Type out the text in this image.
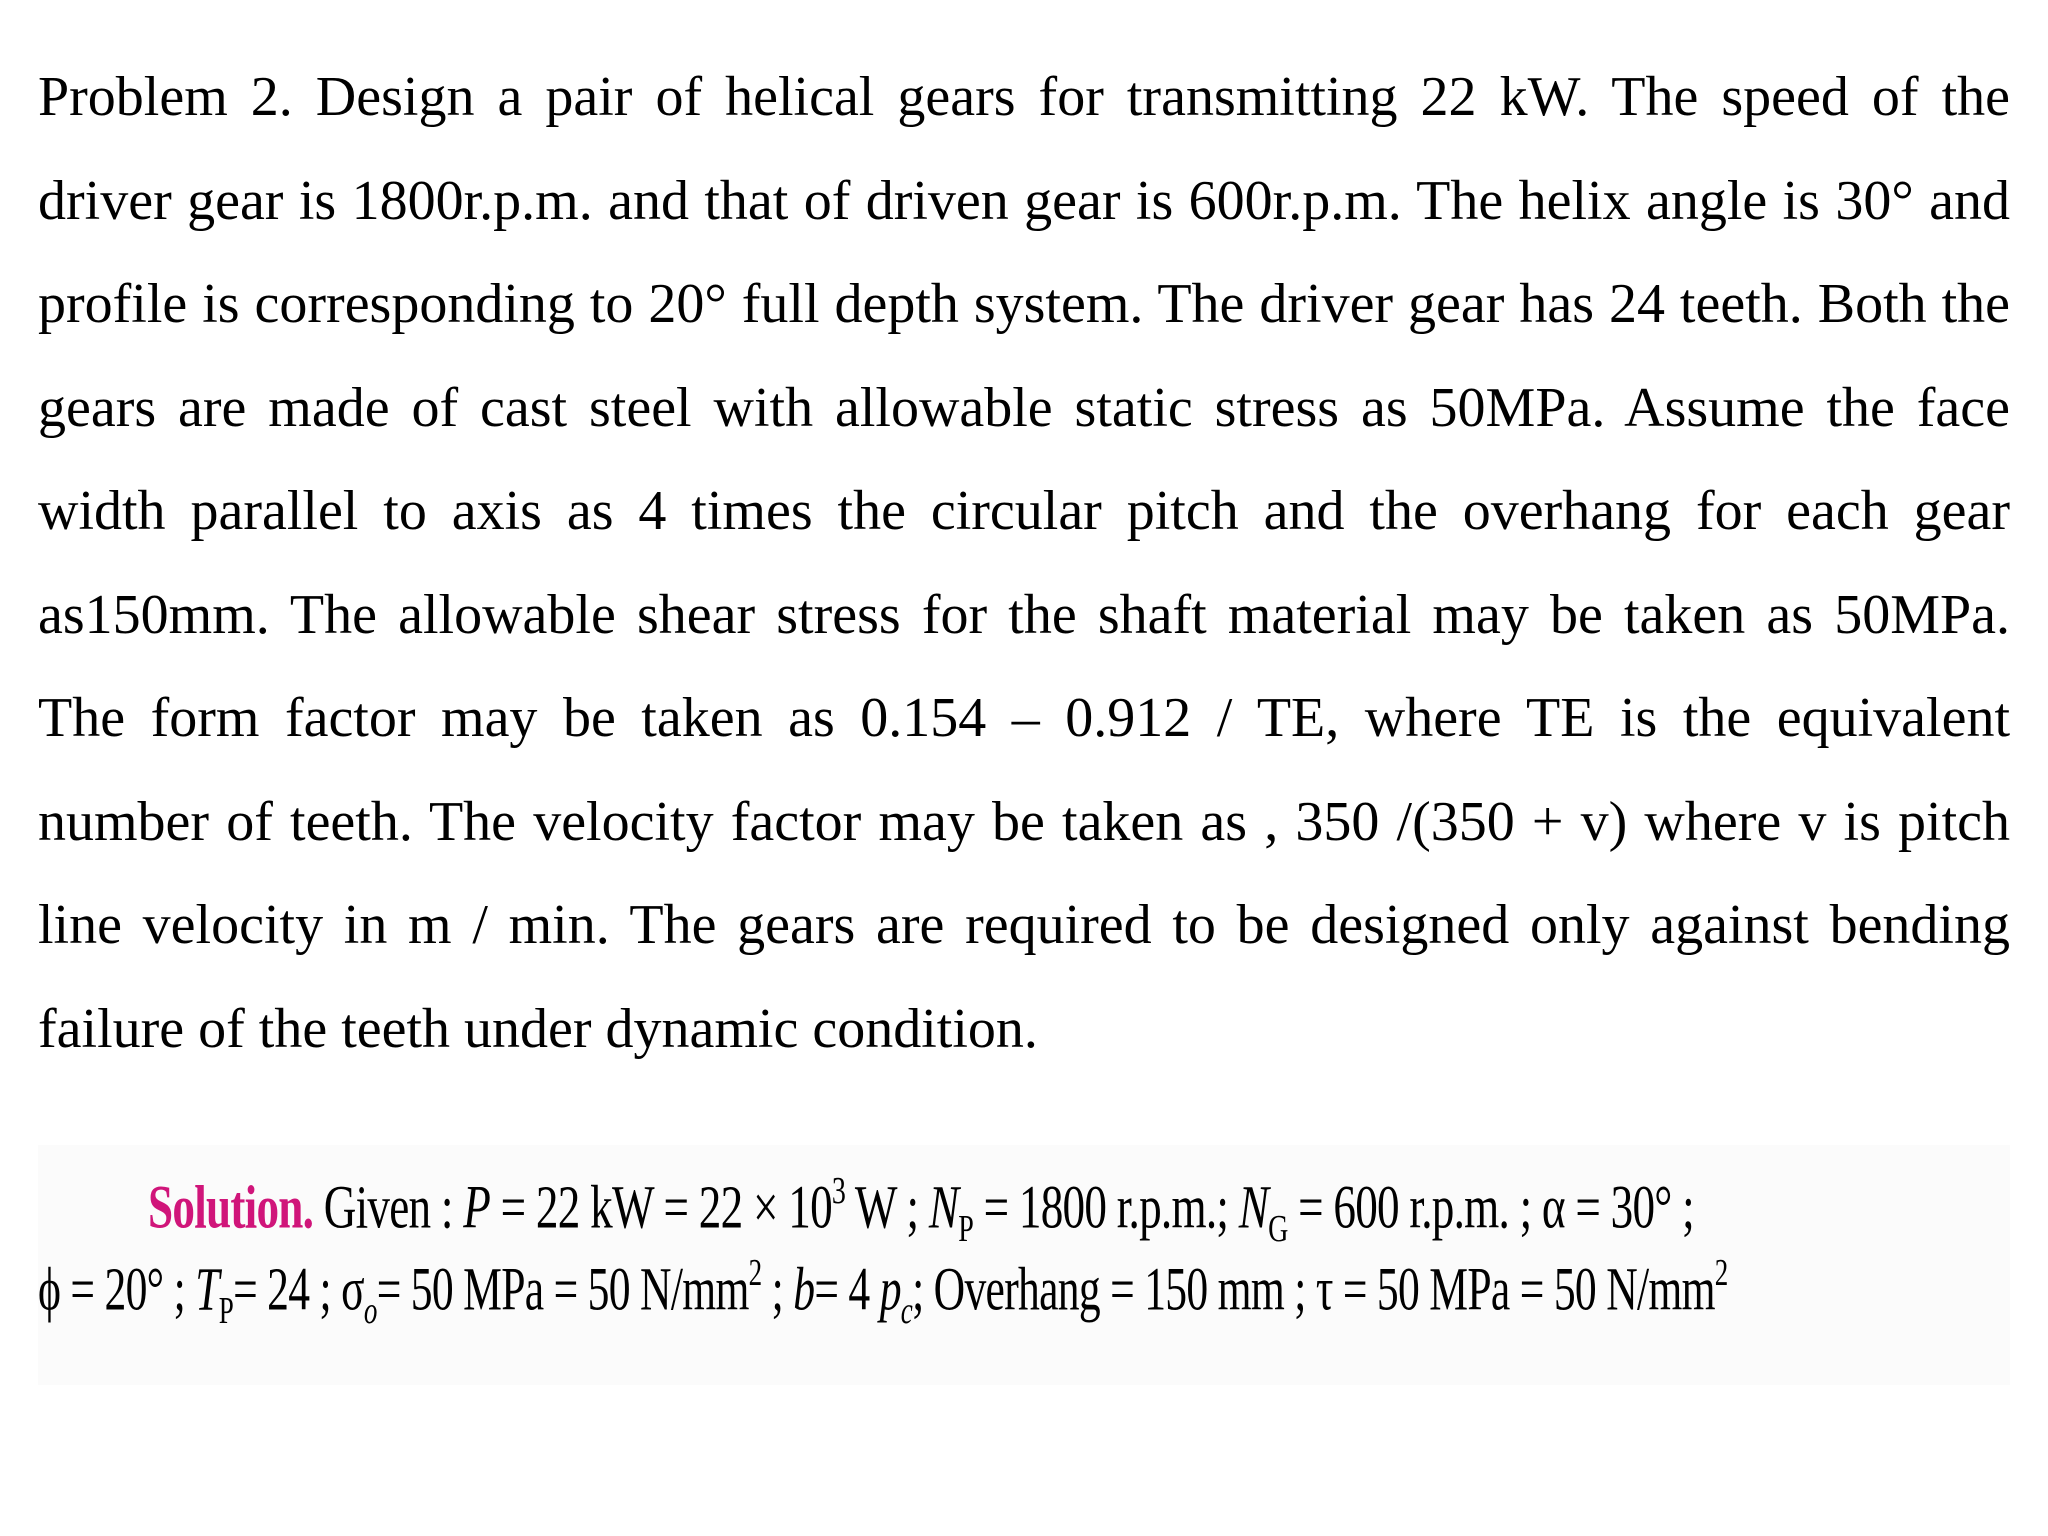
Problem 2. Design a pair of helical gears for transmitting 22 kW. The speed of the driver gear is 1800r.p.m. and that of driven gear is 600r.p.m. The helix angle is 30° and profile is corresponding to 20° full depth system. The driver gear has 24 teeth. Both the gears are made of cast steel with allowable static stress as 50MPa. Assume the face width parallel to axis as 4 times the circular pitch and the overhang for each gear as150mm. The allowable shear stress for the shaft material may be taken as 50MPa. The form factor may be taken as 0.154 – 0.912 / TE, where TE is the equivalent number of teeth. The velocity factor may be taken as , 350 /(350 + v) where v is pitch line velocity in m / min. The gears are required to be designed only against bending failure of the teeth under dynamic condition.

Solution. Given : P = 22 kW = $22 \times 10^3$ W ; $N_P = 1800$ r.p.m.; $N_G = 600$ r.p.m. ; α = 30° ;
ϕ = 20° ; $T_P= 24$ ; $\sigma_o= 50$ MPa = 50 $N/mm^2$ ; b= 4 $p_c$; Overhang = 150 mm ; τ = 50 MPa = 50 $N/mm^2$
